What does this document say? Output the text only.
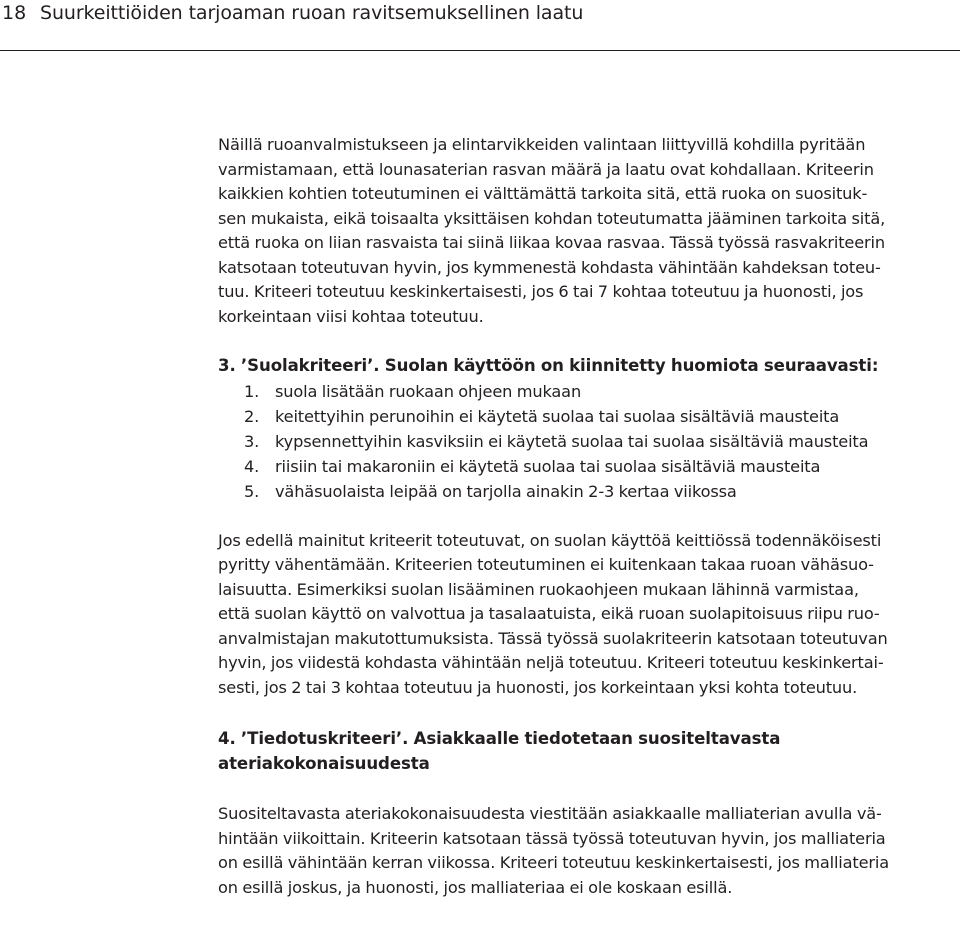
18 Suurkeittiöiden tarjoaman ruoan ravitsemuksellinen laatu

Näillä ruoanvalmistukseen ja elintarvikkeiden valintaan liittyvillä kohdilla pyritään
varmistamaan, että lounasaterian rasvan määrä ja laatu ovat kohdallaan. Kriteerin
kaikkien kohtien toteutuminen ei välttämättä tarkoita sitä, että ruoka on suosituk-
sen mukaista, eikä toisaalta yksittäisen kohdan toteutumatta jääminen tarkoita sitä,
että ruoka on liian rasvaista tai siinä liikaa kovaa rasvaa. Tässä työssä rasvakriteerin
katsotaan toteutuvan hyvin, jos kymmenestä kohdasta vähintään kahdeksan toteu-
tuu. Kriteeri toteutuu keskinkertaisesti, jos 6 tai 7 kohtaa toteutuu ja huonosti, jos
korkeintaan viisi kohtaa toteutuu.

3. ’Suolakriteeri’. Suolan käyttöön on kiinnitetty huomiota seuraavasti:
1. suola lisätään ruokaan ohjeen mukaan
2. keitettyihin perunoihin ei käytetä suolaa tai suolaa sisältäviä mausteita
3. kypsennettyihin kasviksiin ei käytetä suolaa tai suolaa sisältäviä mausteita
4. riisiin tai makaroniin ei käytetä suolaa tai suolaa sisältäviä mausteita
5. vähäsuolaista leipää on tarjolla ainakin 2-3 kertaa viikossa

Jos edellä mainitut kriteerit toteutuvat, on suolan käyttöä keittiössä todennäköisesti
pyritty vähentämään. Kriteerien toteutuminen ei kuitenkaan takaa ruoan vähäsuo-
laisuutta. Esimerkiksi suolan lisääminen ruokaohjeen mukaan lähinnä varmistaa,
että suolan käyttö on valvottua ja tasalaatuista, eikä ruoan suolapitoisuus riipu ruo-
anvalmistajan makutottumuksista. Tässä työssä suolakriteerin katsotaan toteutuvan
hyvin, jos viidestä kohdasta vähintään neljä toteutuu. Kriteeri toteutuu keskinkertai-
sesti, jos 2 tai 3 kohtaa toteutuu ja huonosti, jos korkeintaan yksi kohta toteutuu.

4. ’Tiedotuskriteeri’. Asiakkaalle tiedotetaan suositeltavasta
ateriakokonaisuudesta

Suositeltavasta ateriakokonaisuudesta viestitään asiakkaalle malliaterian avulla vä-
hintään viikoittain. Kriteerin katsotaan tässä työssä toteutuvan hyvin, jos malliateria
on esillä vähintään kerran viikossa. Kriteeri toteutuu keskinkertaisesti, jos malliateria
on esillä joskus, ja huonosti, jos malliateriaa ei ole koskaan esillä.
